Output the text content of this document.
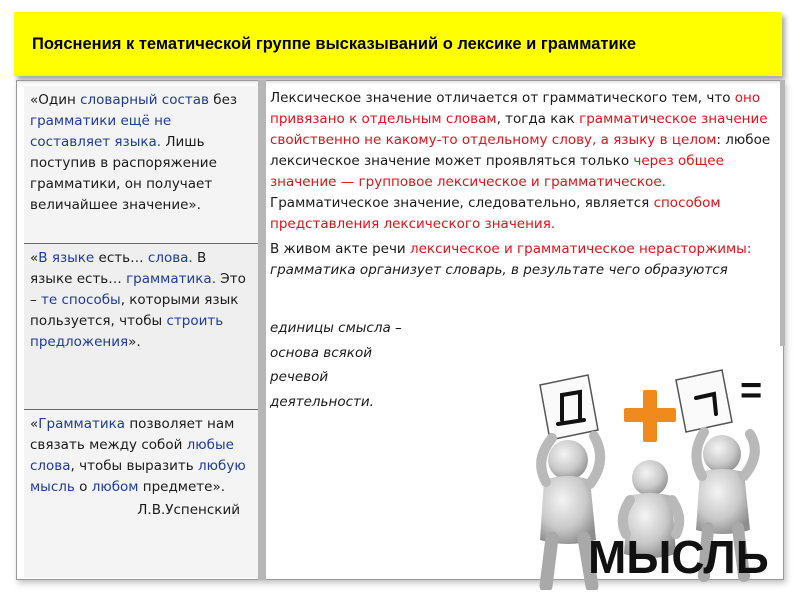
Пояснения к тематической группе высказываний о лексике и грамматике
«Один словарный состав без грамматики ещё не составляет языка. Лишь поступив в распоряжение грамматики, он получает величайшее значение».
«В языке есть… слова. В языке есть… грамматика. Это – те способы, которыми язык пользуется, чтобы строить предложения».
«Грамматика позволяет нам связать между собой любые слова, чтобы выразить любую мысль о любом предмете».
Л.В.Успенский

Лексическое значение отличается от грамматического тем, что оно привязано к отдельным словам, тогда как грамматическое значение свойственно не какому-то отдельному слову, а языку в целом: любое лексическое значение может проявляться только через общее значение — групповое лексическое и грамматическое. Грамматическое значение, следовательно, является способом представления лексического значения.

В живом акте речи лексическое и грамматическое нерасторжимы: грамматика организует словарь, в результате чего образуются

единицы смысла –
основа всякой
речевой
деятельности.	=
МЫСЛЬ
